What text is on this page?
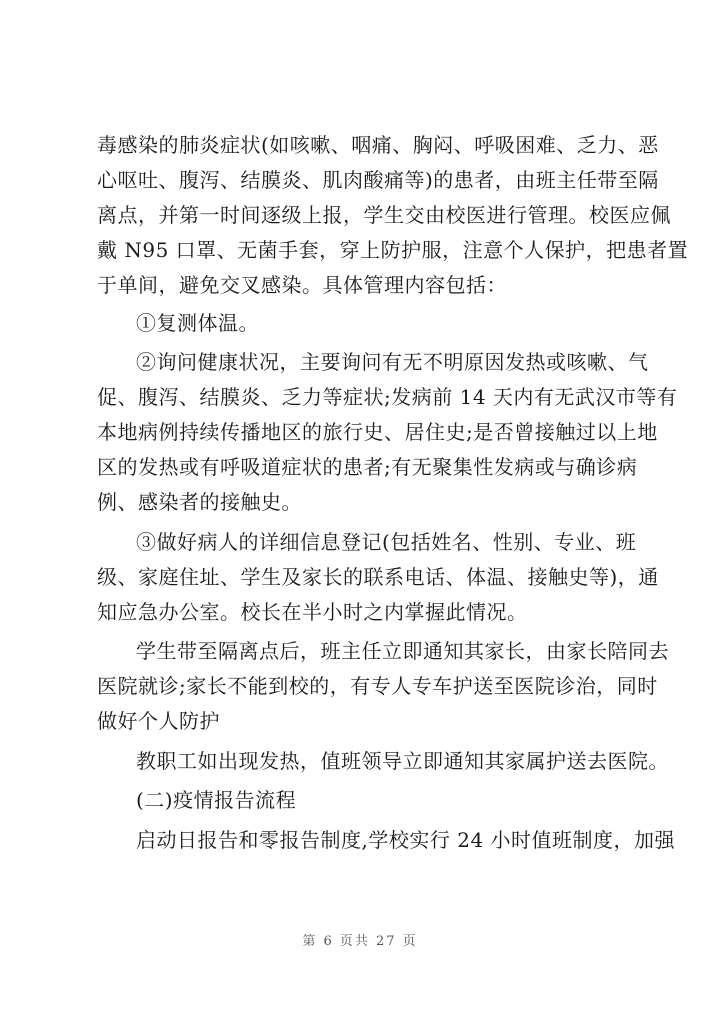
毒感染的肺炎症状(如咳嗽、咽痛、胸闷、呼吸困难、乏力、恶
心呕吐、腹泻、结膜炎、肌肉酸痛等)的患者，由班主任带至隔
离点，并第一时间逐级上报，学生交由校医进行管理。校医应佩
戴 N95 口罩、无菌手套，穿上防护服，注意个人保护，把患者置
于单间，避免交叉感染。具体管理内容包括：
①复测体温。
②询问健康状况，主要询问有无不明原因发热或咳嗽、气
促、腹泻、结膜炎、乏力等症状;发病前 14 天内有无武汉市等有
本地病例持续传播地区的旅行史、居住史;是否曾接触过以上地
区的发热或有呼吸道症状的患者;有无聚集性发病或与确诊病
例、感染者的接触史。
③做好病人的详细信息登记(包括姓名、性别、专业、班
级、家庭住址、学生及家长的联系电话、体温、接触史等)，通
知应急办公室。校长在半小时之内掌握此情况。
学生带至隔离点后，班主任立即通知其家长，由家长陪同去
医院就诊;家长不能到校的，有专人专车护送至医院诊治，同时
做好个人防护
教职工如出现发热，值班领导立即通知其家属护送去医院。
(二)疫情报告流程
启动日报告和零报告制度,学校实行 24 小时值班制度，加强
第 6 页共 27 页
